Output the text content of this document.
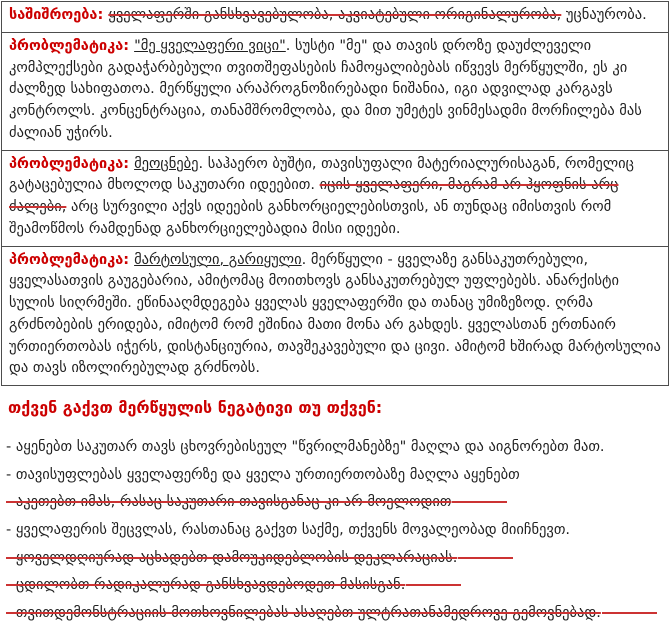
საშიშროება: ყველაფერში განსხვავებულობა, აკვიატებული ორიგინალურობა, უცნაურობა.
პრობლემატიკა: "მე ყველაფერი ვიცი". სუსტი "მე" და თავის დროზე დაუძლეველი კომპლექსები გადაჭარბებული თვითშეფასების ჩამოყალიბებას იწვევს მერწყულში, ეს კი ძალზედ სახიფათოა. მერწყული არაპროგნოზირებადი ნიშანია, იგი ადვილად კარგავს კონტროლს. კონცენტრაცია, თანამშრომლობა, და მით უმეტეს ვინმესადმი მორჩილება მას ძალიან უჭირს.
პრობლემატიკა: მეოცნებე. საჰაერო ბუშტი, თავისუფალი მატერიალურისაგან, რომელიც გატაცებულია მხოლოდ საკუთარი იდეებით. იცის ყველაფერი, მაგრამ არ ჰყოფნის არც ძალები, არც სურვილი აქვს იდეების განხორციელებისთვის, ან თუნდაც იმისთვის რომ შეამოწმოს რამდენად განხორციელებადია მისი იდეები.
პრობლემატიკა: მარტოსული, გარიყული. მერწყული - ყველაზე განსაკუთრებული, ყველასათვის გაუგებარია, ამიტომაც მოითხოვს განსაკუთრებულ უფლებებს. ანარქისტი სულის სიღრმეში. ეწინააღმდეგება ყველას ყველაფერში და თანაც უმიზეზოდ. ღრმა გრძნობების ერიდება, იმიტომ რომ ეშინია მათი მონა არ გახდეს. ყველასთან ერთნაირ ურთიერთობას იჭერს, დისტანციურია, თავშეკავებული და ცივი. ამიტომ ხშირად მარტოსულია და თავს იზოლირებულად გრძნობს.
თქვენ გაქვთ მერწყულის ნეგატივი თუ თქვენ:
- აყენებთ საკუთარ თავს ცხოვრებისეულ "წვრილმანებზე" მაღლა და აიგნორებთ მათ.
- თავისუფლებას ყველაფერზე და ყველა ურთიერთობაზე მაღლა აყენებთ
- აკეთებთ იმას, რასაც საკუთარი თავისგანაც კი არ მოელოდით
- ყველაფერის შეცვლას, რასთანაც გაქვთ საქმე, თქვენს მოვალეობად მიიჩნევთ.
- ყოველდღიურად აცხადებთ დამოუკიდებლობის დეკლარაციას.
- ცდილობთ რადიკალურად განსხვავდებოდეთ მასისგან.
- თვითდემონსტრაციის მოთხოვნილებას ასაღებთ ულტრათანამედროვე გემოვნებად.
